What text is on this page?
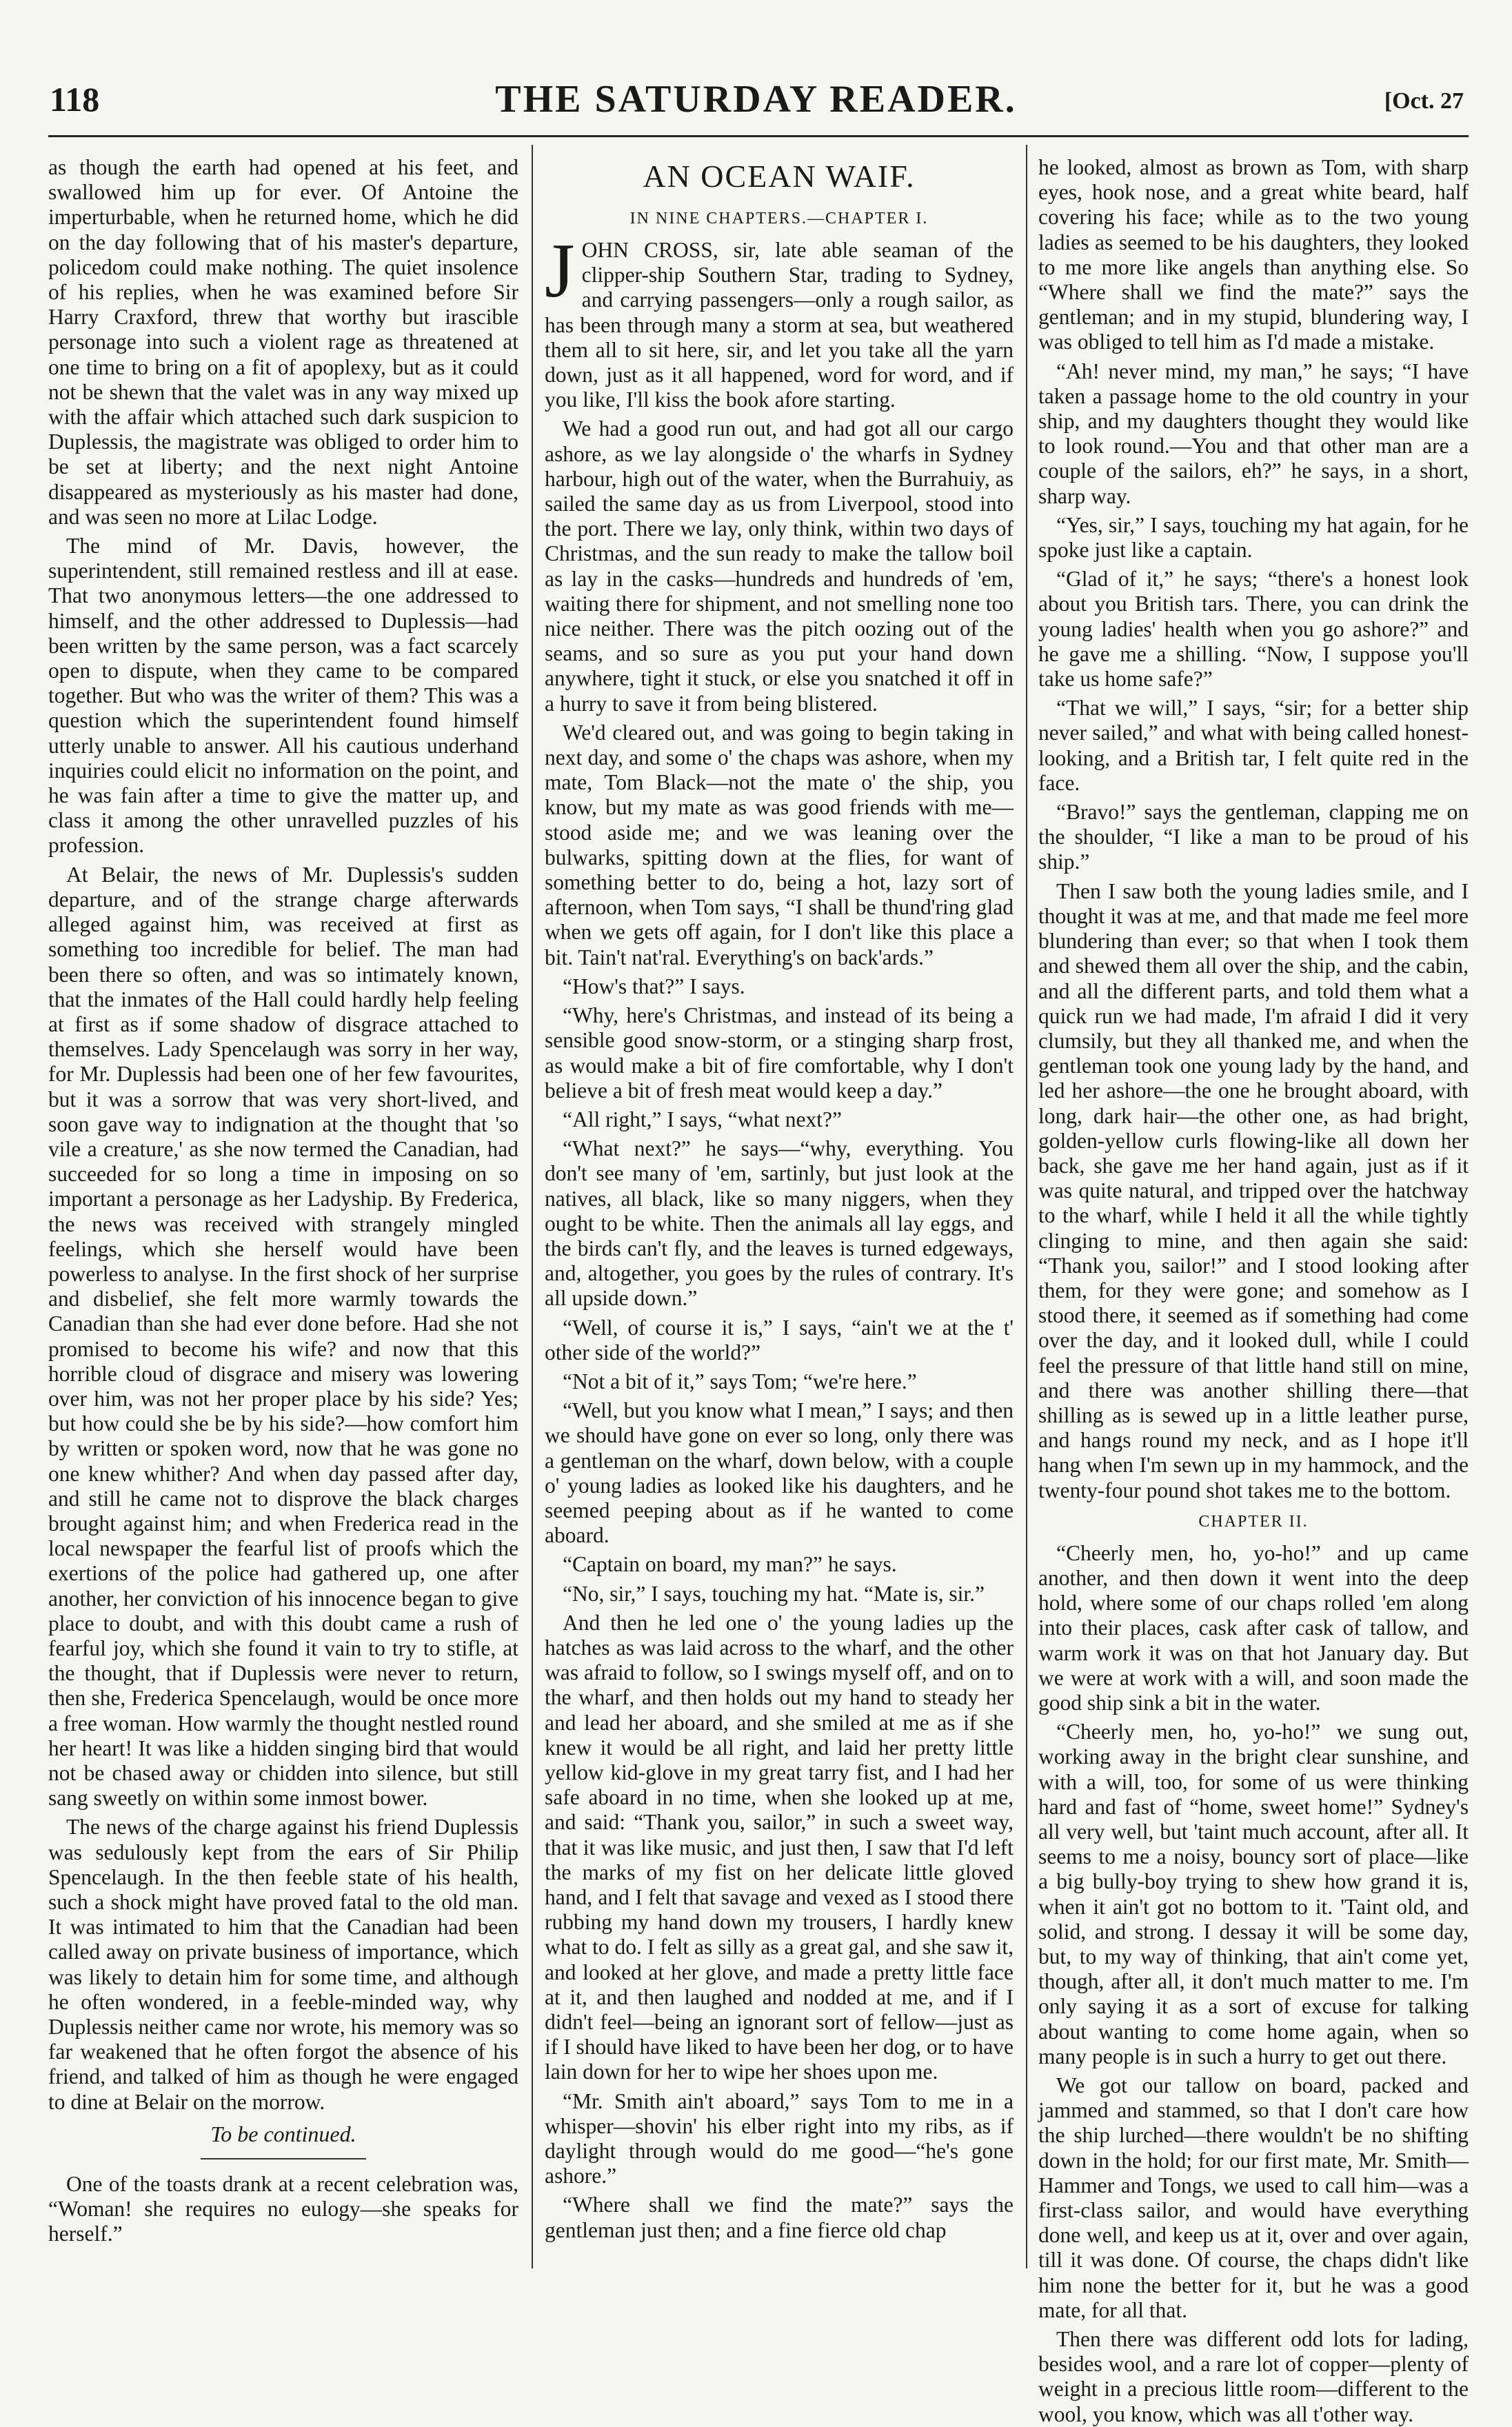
118	THE SATURDAY READER.	[Oct. 27

as though the earth had opened at his feet, and swallowed him up for ever. Of Antoine the imperturbable, when he returned home, which he did on the day following that of his master's departure, policedom could make nothing. The quiet insolence of his replies, when he was examined before Sir Harry Craxford, threw that worthy but irascible personage into such a violent rage as threatened at one time to bring on a fit of apoplexy, but as it could not be shewn that the valet was in any way mixed up with the affair which attached such dark suspicion to Duplessis, the magistrate was obliged to order him to be set at liberty; and the next night Antoine disappeared as mysteriously as his master had done, and was seen no more at Lilac Lodge.

The mind of Mr. Davis, however, the superintendent, still remained restless and ill at ease. That two anonymous letters—the one addressed to himself, and the other addressed to Duplessis—had been written by the same person, was a fact scarcely open to dispute, when they came to be compared together. But who was the writer of them? This was a question which the superintendent found himself utterly unable to answer. All his cautious underhand inquiries could elicit no information on the point, and he was fain after a time to give the matter up, and class it among the other unravelled puzzles of his profession.

At Belair, the news of Mr. Duplessis's sudden departure, and of the strange charge afterwards alleged against him, was received at first as something too incredible for belief. The man had been there so often, and was so intimately known, that the inmates of the Hall could hardly help feeling at first as if some shadow of disgrace attached to themselves. Lady Spencelaugh was sorry in her way, for Mr. Duplessis had been one of her few favourites, but it was a sorrow that was very short-lived, and soon gave way to indignation at the thought that 'so vile a creature,' as she now termed the Canadian, had succeeded for so long a time in imposing on so important a personage as her Ladyship. By Frederica, the news was received with strangely mingled feelings, which she herself would have been powerless to analyse. In the first shock of her surprise and disbelief, she felt more warmly towards the Canadian than she had ever done before. Had she not promised to become his wife? and now that this horrible cloud of disgrace and misery was lowering over him, was not her proper place by his side? Yes; but how could she be by his side?—how comfort him by written or spoken word, now that he was gone no one knew whither? And when day passed after day, and still he came not to disprove the black charges brought against him; and when Frederica read in the local newspaper the fearful list of proofs which the exertions of the police had gathered up, one after another, her conviction of his innocence began to give place to doubt, and with this doubt came a rush of fearful joy, which she found it vain to try to stifle, at the thought, that if Duplessis were never to return, then she, Frederica Spencelaugh, would be once more a free woman. How warmly the thought nestled round her heart! It was like a hidden singing bird that would not be chased away or chidden into silence, but still sang sweetly on within some inmost bower.

The news of the charge against his friend Duplessis was sedulously kept from the ears of Sir Philip Spencelaugh. In the then feeble state of his health, such a shock might have proved fatal to the old man. It was intimated to him that the Canadian had been called away on private business of importance, which was likely to detain him for some time, and although he often wondered, in a feeble-minded way, why Duplessis neither came nor wrote, his memory was so far weakened that he often forgot the absence of his friend, and talked of him as though he were engaged to dine at Belair on the morrow.

To be continued.

One of the toasts drank at a recent celebration was, “Woman! she requires no eulogy—she speaks for herself.”

AN OCEAN WAIF.
IN NINE CHAPTERS.—CHAPTER I.

JOHN CROSS, sir, late able seaman of the clipper-ship Southern Star, trading to Sydney, and carrying passengers—only a rough sailor, as has been through many a storm at sea, but weathered them all to sit here, sir, and let you take all the yarn down, just as it all happened, word for word, and if you like, I'll kiss the book afore starting.

We had a good run out, and had got all our cargo ashore, as we lay alongside o' the wharfs in Sydney harbour, high out of the water, when the Burrahuiy, as sailed the same day as us from Liverpool, stood into the port. There we lay, only think, within two days of Christmas, and the sun ready to make the tallow boil as lay in the casks—hundreds and hundreds of 'em, waiting there for shipment, and not smelling none too nice neither. There was the pitch oozing out of the seams, and so sure as you put your hand down anywhere, tight it stuck, or else you snatched it off in a hurry to save it from being blistered.

We'd cleared out, and was going to begin taking in next day, and some o' the chaps was ashore, when my mate, Tom Black—not the mate o' the ship, you know, but my mate as was good friends with me—stood aside me; and we was leaning over the bulwarks, spitting down at the flies, for want of something better to do, being a hot, lazy sort of afternoon, when Tom says, “I shall be thund'ring glad when we gets off again, for I don't like this place a bit. Tain't nat'ral. Everything's on back'ards.”

“How's that?” I says.

“Why, here's Christmas, and instead of its being a sensible good snow-storm, or a stinging sharp frost, as would make a bit of fire comfortable, why I don't believe a bit of fresh meat would keep a day.”

“All right,” I says, “what next?”

“What next?” he says—“why, everything. You don't see many of 'em, sartinly, but just look at the natives, all black, like so many niggers, when they ought to be white. Then the animals all lay eggs, and the birds can't fly, and the leaves is turned edgeways, and, altogether, you goes by the rules of contrary. It's all upside down.”

“Well, of course it is,” I says, “ain't we at the t' other side of the world?”

“Not a bit of it,” says Tom; “we're here.”

“Well, but you know what I mean,” I says; and then we should have gone on ever so long, only there was a gentleman on the wharf, down below, with a couple o' young ladies as looked like his daughters, and he seemed peeping about as if he wanted to come aboard.

“Captain on board, my man?” he says.

“No, sir,” I says, touching my hat. “Mate is, sir.”

And then he led one o' the young ladies up the hatches as was laid across to the wharf, and the other was afraid to follow, so I swings myself off, and on to the wharf, and then holds out my hand to steady her and lead her aboard, and she smiled at me as if she knew it would be all right, and laid her pretty little yellow kid-glove in my great tarry fist, and I had her safe aboard in no time, when she looked up at me, and said: “Thank you, sailor,” in such a sweet way, that it was like music, and just then, I saw that I'd left the marks of my fist on her delicate little gloved hand, and I felt that savage and vexed as I stood there rubbing my hand down my trousers, I hardly knew what to do. I felt as silly as a great gal, and she saw it, and looked at her glove, and made a pretty little face at it, and then laughed and nodded at me, and if I didn't feel—being an ignorant sort of fellow—just as if I should have liked to have been her dog, or to have lain down for her to wipe her shoes upon me.

“Mr. Smith ain't aboard,” says Tom to me in a whisper—shovin' his elber right into my ribs, as if daylight through would do me good—“he's gone ashore.”

“Where shall we find the mate?” says the gentleman just then; and a fine fierce old chap

he looked, almost as brown as Tom, with sharp eyes, hook nose, and a great white beard, half covering his face; while as to the two young ladies as seemed to be his daughters, they looked to me more like angels than anything else. So “Where shall we find the mate?” says the gentleman; and in my stupid, blundering way, I was obliged to tell him as I'd made a mistake.

“Ah! never mind, my man,” he says; “I have taken a passage home to the old country in your ship, and my daughters thought they would like to look round.—You and that other man are a couple of the sailors, eh?” he says, in a short, sharp way.

“Yes, sir,” I says, touching my hat again, for he spoke just like a captain.

“Glad of it,” he says; “there's a honest look about you British tars. There, you can drink the young ladies' health when you go ashore?” and he gave me a shilling. “Now, I suppose you'll take us home safe?”

“That we will,” I says, “sir; for a better ship never sailed,” and what with being called honest-looking, and a British tar, I felt quite red in the face.

“Bravo!” says the gentleman, clapping me on the shoulder, “I like a man to be proud of his ship.”

Then I saw both the young ladies smile, and I thought it was at me, and that made me feel more blundering than ever; so that when I took them and shewed them all over the ship, and the cabin, and all the different parts, and told them what a quick run we had made, I'm afraid I did it very clumsily, but they all thanked me, and when the gentleman took one young lady by the hand, and led her ashore—the one he brought aboard, with long, dark hair—the other one, as had bright, golden-yellow curls flowing-like all down her back, she gave me her hand again, just as if it was quite natural, and tripped over the hatchway to the wharf, while I held it all the while tightly clinging to mine, and then again she said: “Thank you, sailor!” and I stood looking after them, for they were gone; and somehow as I stood there, it seemed as if something had come over the day, and it looked dull, while I could feel the pressure of that little hand still on mine, and there was another shilling there—that shilling as is sewed up in a little leather purse, and hangs round my neck, and as I hope it'll hang when I'm sewn up in my hammock, and the twenty-four pound shot takes me to the bottom.

CHAPTER II.

“Cheerly men, ho, yo-ho!” and up came another, and then down it went into the deep hold, where some of our chaps rolled 'em along into their places, cask after cask of tallow, and warm work it was on that hot January day. But we were at work with a will, and soon made the good ship sink a bit in the water.

“Cheerly men, ho, yo-ho!” we sung out, working away in the bright clear sunshine, and with a will, too, for some of us were thinking hard and fast of “home, sweet home!” Sydney's all very well, but 'taint much account, after all. It seems to me a noisy, bouncy sort of place—like a big bully-boy trying to shew how grand it is, when it ain't got no bottom to it. 'Taint old, and solid, and strong. I dessay it will be some day, but, to my way of thinking, that ain't come yet, though, after all, it don't much matter to me. I'm only saying it as a sort of excuse for talking about wanting to come home again, when so many people is in such a hurry to get out there.

We got our tallow on board, packed and jammed and stammed, so that I don't care how the ship lurched—there wouldn't be no shifting down in the hold; for our first mate, Mr. Smith—Hammer and Tongs, we used to call him—was a first-class sailor, and would have everything done well, and keep us at it, over and over again, till it was done. Of course, the chaps didn't like him none the better for it, but he was a good mate, for all that.

Then there was different odd lots for lading, besides wool, and a rare lot of copper—plenty of weight in a precious little room—different to the wool, you know, which was all t'other way.
